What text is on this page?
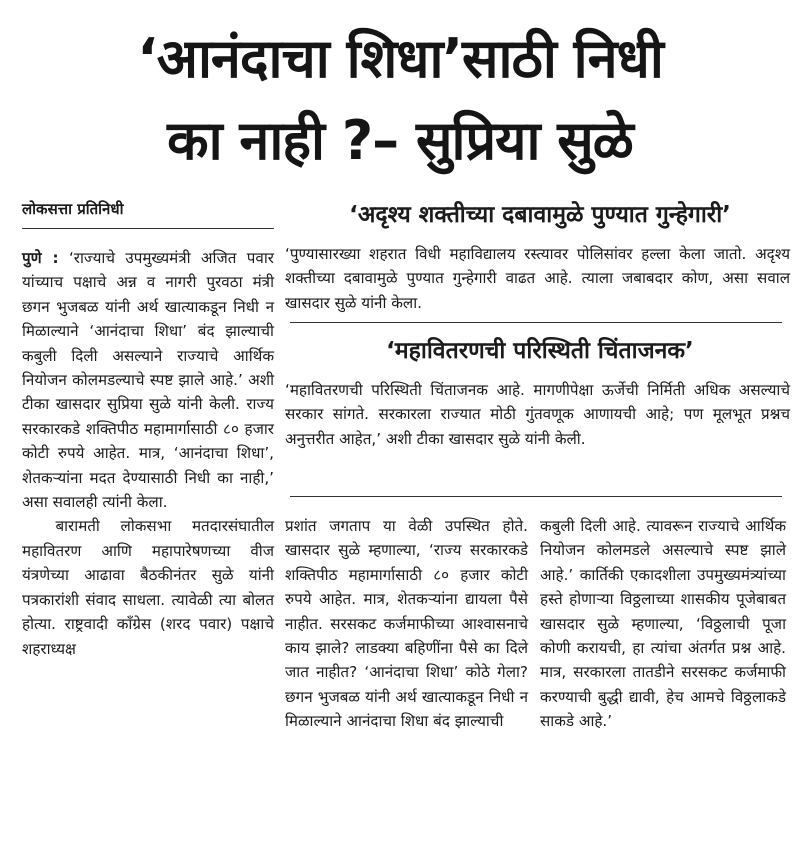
‘आनंदाचा शिधा’साठी निधी
का नाही ?– सुप्रिया सुळे
लोकसत्ता प्रतिनिधी

पुणे : ‘राज्याचे उपमुख्यमंत्री अजित पवार यांच्याच पक्षाचे अन्न व नागरी पुरवठा मंत्री छगन भुजबळ यांनी अर्थ खात्याकडून निधी न मिळाल्याने ‘आनंदाचा शिधा’ बंद झाल्याची कबुली दिली असल्याने राज्याचे आर्थिक नियोजन कोलमडल्याचे स्पष्ट झाले आहे.’ अशी टीका खासदार सुप्रिया सुळे यांनी केली. राज्य सरकारकडे शक्तिपीठ महामार्गासाठी ८० हजार कोटी रुपये आहेत. मात्र, ‘आनंदाचा शिधा’, शेतकऱ्यांना मदत देण्यासाठी निधी का नाही,’ असा सवालही त्यांनी केला.

बारामती लोकसभा मतदारसंघातील महावितरण आणि महापारेषणच्या वीज यंत्रणेच्या आढावा बैठकीनंतर सुळे यांनी पत्रकारांशी संवाद साधला. त्यावेळी त्या बोलत होत्या. राष्ट्रवादी काँग्रेस (शरद पवार) पक्षाचे शहराध्यक्ष

‘अदृश्य शक्तीच्या दबावामुळे पुण्यात गुन्हेगारी’
‘पुण्यासारख्या शहरात विधी महाविद्यालय रस्त्यावर पोलिसांवर हल्ला केला जातो. अदृश्य शक्तीच्या दबावामुळे पुण्यात गुन्हेगारी वाढत आहे. त्याला जबाबदार कोण, असा सवाल खासदार सुळे यांनी केला.
‘महावितरणची परिस्थिती चिंताजनक’
‘महावितरणची परिस्थिती चिंताजनक आहे. मागणीपेक्षा ऊर्जेची निर्मिती अधिक असल्याचे सरकार सांगते. सरकारला राज्यात मोठी गुंतवणूक आणायची आहे; पण मूलभूत प्रश्नच अनुत्तरीत आहेत,’ अशी टीका खासदार सुळे यांनी केली.

प्रशांत जगताप या वेळी उपस्थित होते. खासदार सुळे म्हणाल्या, ‘राज्य सरकारकडे शक्तिपीठ महामार्गासाठी ८० हजार कोटी रुपये आहेत. मात्र, शेतकऱ्यांना द्यायला पैसे नाहीत. सरसकट कर्जमाफीच्या आश्वासनाचे काय झाले? लाडक्या बहिणींना पैसे का दिले जात नाहीत? ‘आनंदाचा शिधा’ कोठे गेला? छगन भुजबळ यांनी अर्थ खात्याकडून निधी न मिळाल्याने आनंदाचा शिधा बंद झाल्याची

कबुली दिली आहे. त्यावरून राज्याचे आर्थिक नियोजन कोलमडले असल्याचे स्पष्ट झाले आहे.’ कार्तिकी एकादशीला उपमुख्यमंत्र्यांच्या हस्ते होणाऱ्या विठ्ठलाच्या शासकीय पूजेबाबत खासदार सुळे म्हणाल्या, ‘विठ्ठलाची पूजा कोणी करायची, हा त्यांचा अंतर्गत प्रश्न आहे. मात्र, सरकारला तातडीने सरसकट कर्जमाफी करण्याची बुद्धी द्यावी, हेच आमचे विठ्ठलाकडे साकडे आहे.’
